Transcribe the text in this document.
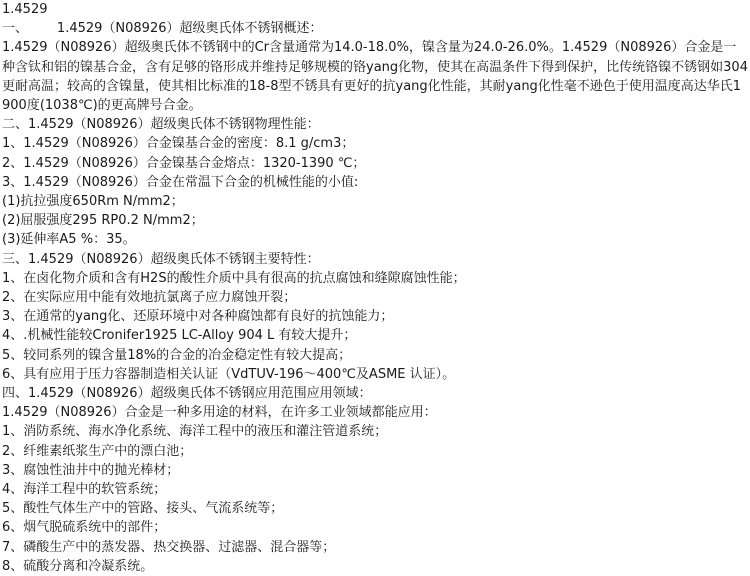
1.4529
一、       1.4529（N08926）超级奥氏体不锈钢概述：
1.4529（N08926）超级奥氏体不锈钢中的Cr含量通常为14.0-18.0%，镍含量为24.0-26.0%。1.4529（N08926）合金是一种含钛和铝的镍基合金，含有足够的铬形成并维持足够规模的铬yang化物，使其在高温条件下得到保护，比传统铬镍不锈钢如304更耐高温；较高的含镍量，使其相比标准的18-8型不锈具有更好的抗yang化性能，其耐yang化性毫不逊色于使用温度高达华氏1900度(1038℃)的更高牌号合金。
二、1.4529（N08926）超级奥氏体不锈钢物理性能：
1、1.4529（N08926）合金镍基合金的密度：8.1 g/cm3；
2、1.4529（N08926）合金镍基合金熔点：1320-1390 ℃；
3、1.4529（N08926）合金在常温下合金的机械性能的小值:
(1)抗拉强度650Rm N/mm2；
(2)屈服强度295 RP0.2 N/mm2；
(3)延伸率A5 %：35。
三、1.4529（N08926）超级奥氏体不锈钢主要特性：
1、在卤化物介质和含有H2S的酸性介质中具有很高的抗点腐蚀和缝隙腐蚀性能；
2、在实际应用中能有效地抗氯离子应力腐蚀开裂；
3、在通常的yang化、还原环境中对各种腐蚀都有良好的抗蚀能力；
4、.机械性能较Cronifer1925 LC-Alloy 904 L 有较大提升；
5、较同系列的镍含量18%的合金的冶金稳定性有较大提高；
6、具有应用于压力容器制造相关认证（VdTUV-196～400℃及ASME 认证）。
四、1.4529（N08926）超级奥氏体不锈钢应用范围应用领域：
1.4529（N08926）合金是一种多用途的材料，在许多工业领域都能应用：
1、消防系统、海水净化系统、海洋工程中的液压和灌注管道系统；
2、纤维素纸浆生产中的漂白池；
3、腐蚀性油井中的抛光棒材；
4、海洋工程中的软管系统；
5、酸性气体生产中的管路、接头、气流系统等；
6、烟气脱硫系统中的部件；
7、磷酸生产中的蒸发器、热交换器、过滤器、混合器等；
8、硫酸分离和冷凝系统。
